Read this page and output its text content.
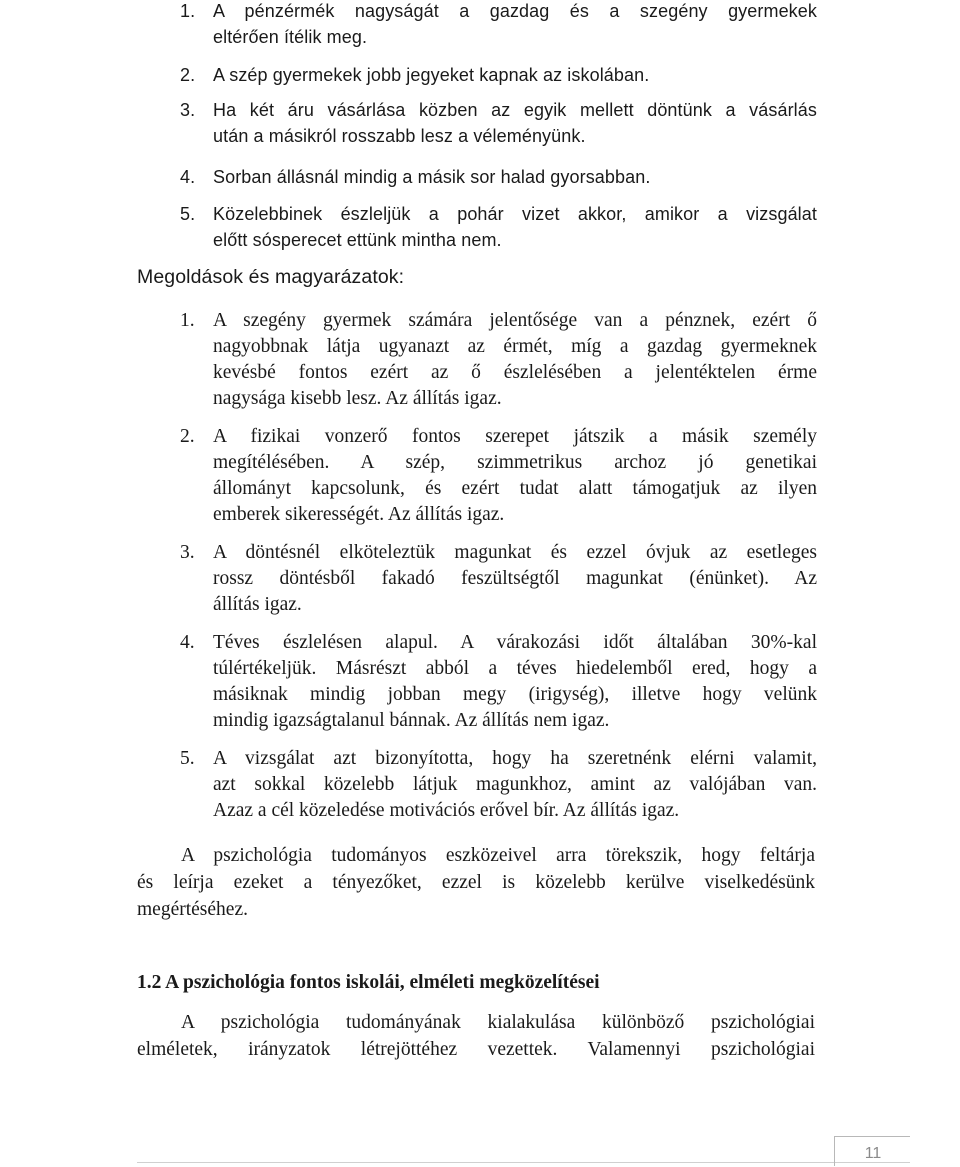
1. A pénzérmék nagyságát a gazdag és a szegény gyermekek
eltérően ítélik meg.
2. A szép gyermekek jobb jegyeket kapnak az iskolában.
3. Ha két áru vásárlása közben az egyik mellett döntünk a vásárlás
után a másikról rosszabb lesz a véleményünk.
4. Sorban állásnál mindig a másik sor halad gyorsabban.
5. Közelebbinek észleljük a pohár vizet akkor, amikor a vizsgálat
előtt sósperecet ettünk mintha nem.
Megoldások és magyarázatok:
1. A szegény gyermek számára jelentősége van a pénznek, ezért ő
nagyobbnak látja ugyanazt az érmét, míg a gazdag gyermeknek
kevésbé fontos ezért az ő észlelésében a jelentéktelen érme
nagysága kisebb lesz. Az állítás igaz.
2. A fizikai vonzerő fontos szerepet játszik a másik személy
megítélésében. A szép, szimmetrikus archoz jó genetikai
állományt kapcsolunk, és ezért tudat alatt támogatjuk az ilyen
emberek sikerességét. Az állítás igaz.
3. A döntésnél elköteleztük magunkat és ezzel óvjuk az esetleges
rossz döntésből fakadó feszültségtől magunkat (énünket). Az
állítás igaz.
4. Téves észlelésen alapul. A várakozási időt általában 30%-kal
túlértékeljük. Másrészt abból a téves hiedelemből ered, hogy a
másiknak mindig jobban megy (irigység), illetve hogy velünk
mindig igazságtalanul bánnak. Az állítás nem igaz.
5. A vizsgálat azt bizonyította, hogy ha szeretnénk elérni valamit,
azt sokkal közelebb látjuk magunkhoz, amint az valójában van.
Azaz a cél közeledése motivációs erővel bír. Az állítás igaz.
A pszichológia tudományos eszközeivel arra törekszik, hogy feltárja
és leírja ezeket a tényezőket, ezzel is közelebb kerülve viselkedésünk
megértéséhez.
1.2 A pszichológia fontos iskolái, elméleti megközelítései
A pszichológia tudományának kialakulása különböző pszichológiai
elméletek, irányzatok létrejöttéhez vezettek. Valamennyi pszichológiai
11
